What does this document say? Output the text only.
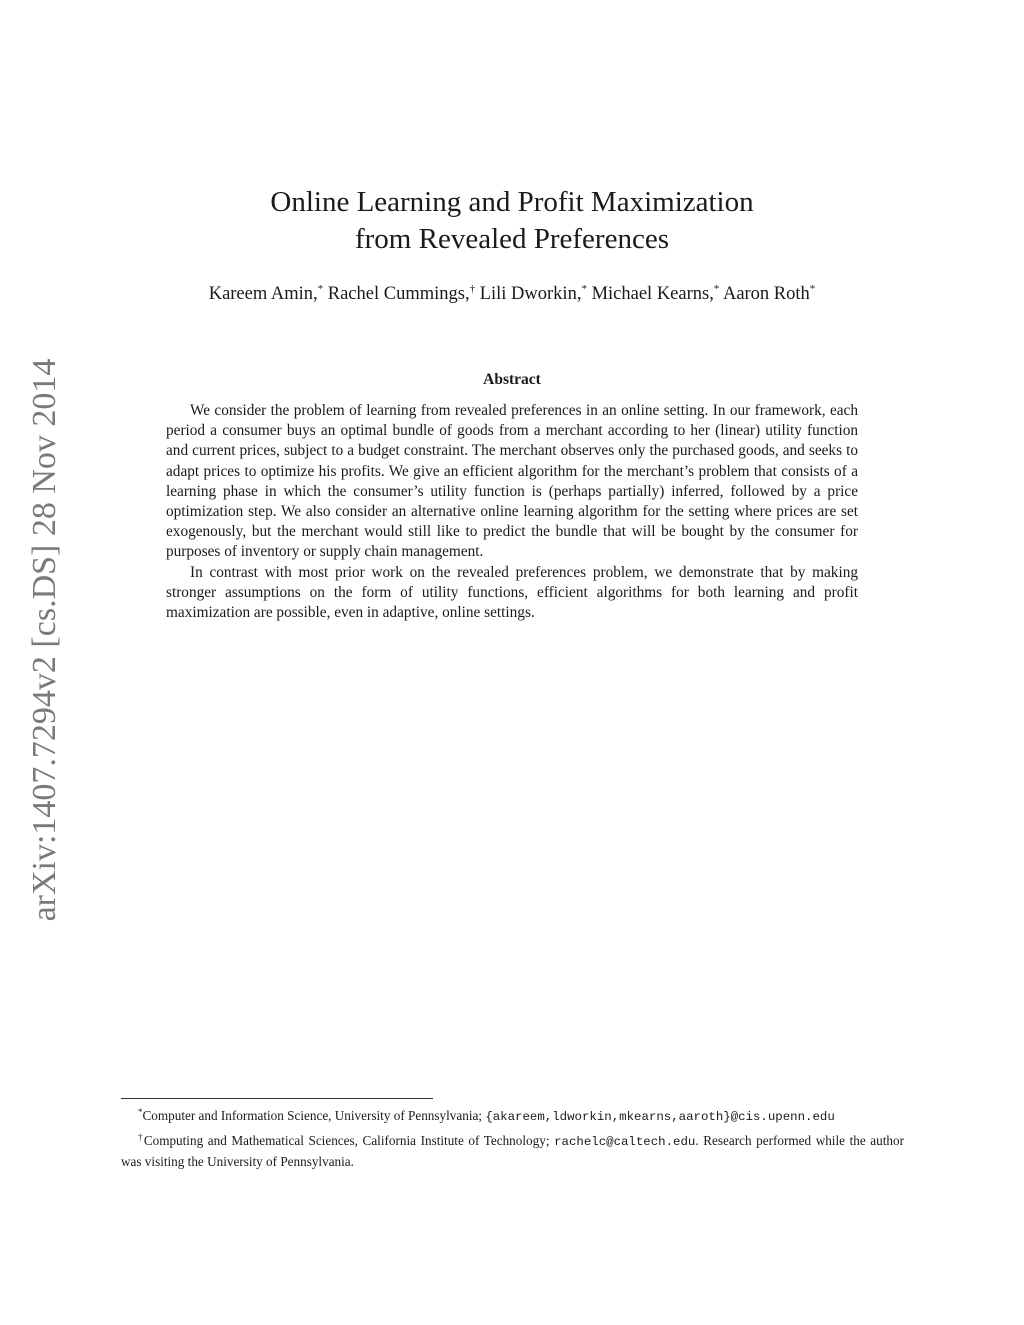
arXiv:1407.7294v2 [cs.DS] 28 Nov 2014
Online Learning and Profit Maximization
from Revealed Preferences
Kareem Amin,* Rachel Cummings,† Lili Dworkin,* Michael Kearns,* Aaron Roth*
Abstract

We consider the problem of learning from revealed preferences in an online setting. In our framework, each period a consumer buys an optimal bundle of goods from a merchant according to her (linear) utility function and current prices, subject to a budget constraint. The merchant observes only the purchased goods, and seeks to adapt prices to optimize his profits. We give an efficient algorithm for the merchant’s problem that consists of a learning phase in which the consumer’s utility function is (perhaps partially) inferred, followed by a price optimization step. We also consider an alternative online learning algorithm for the setting where prices are set exogenously, but the merchant would still like to predict the bundle that will be bought by the consumer for purposes of inventory or supply chain management.

In contrast with most prior work on the revealed preferences problem, we demonstrate that by making stronger assumptions on the form of utility functions, efficient algorithms for both learning and profit maximization are possible, even in adaptive, online settings.

*Computer and Information Science, University of Pennsylvania; {akareem,ldworkin,mkearns,aaroth}@cis.upenn.edu

†Computing and Mathematical Sciences, California Institute of Technology; rachelc@caltech.edu. Research performed while the author was visiting the University of Pennsylvania.
